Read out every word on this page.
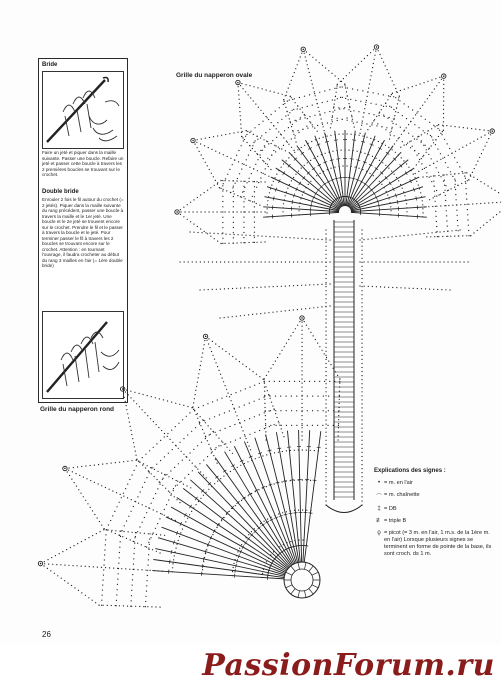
Bride
Faire un jeté et piquer dans la maille suivante. Passer une boucle. Refaire un jeté et passer cette boucle à travers les 2 premières boucles se trouvant sur le crochet.
Double bride
Enrouler 2 fois le fil autour du crochet (= 2 jetés). Piquer dans la maille suivante du rang précédent, passer une boucle à travers la maille et le 1er jeté. Une boucle et le 2e jeté se trouvent encore sur le crochet. Prendre le fil et le passer à travers la boucle et le jeté. Pour terminer passer le fil à travers les 2 boucles se trouvant encore sur le crochet. Attention : en tournant l'ouvrage, il faudra crocheter au début du rang 3 mailles en l'air (= 1ère double bride)
Grille du napperon ovale
Grille du napperon rond
Explications des signes :
• = m. en l'air
⌒ = m. chaînette
‡ = DB
≢ = triple B
ϙ = picot (= 3 m. en l'air, 1 m.s. de la 1ère m. en l'air) Lorsque plusieurs signes se terminent en forme de pointe de la base, ils sont croch. ds 1 m.
26
PassionForum.ru
